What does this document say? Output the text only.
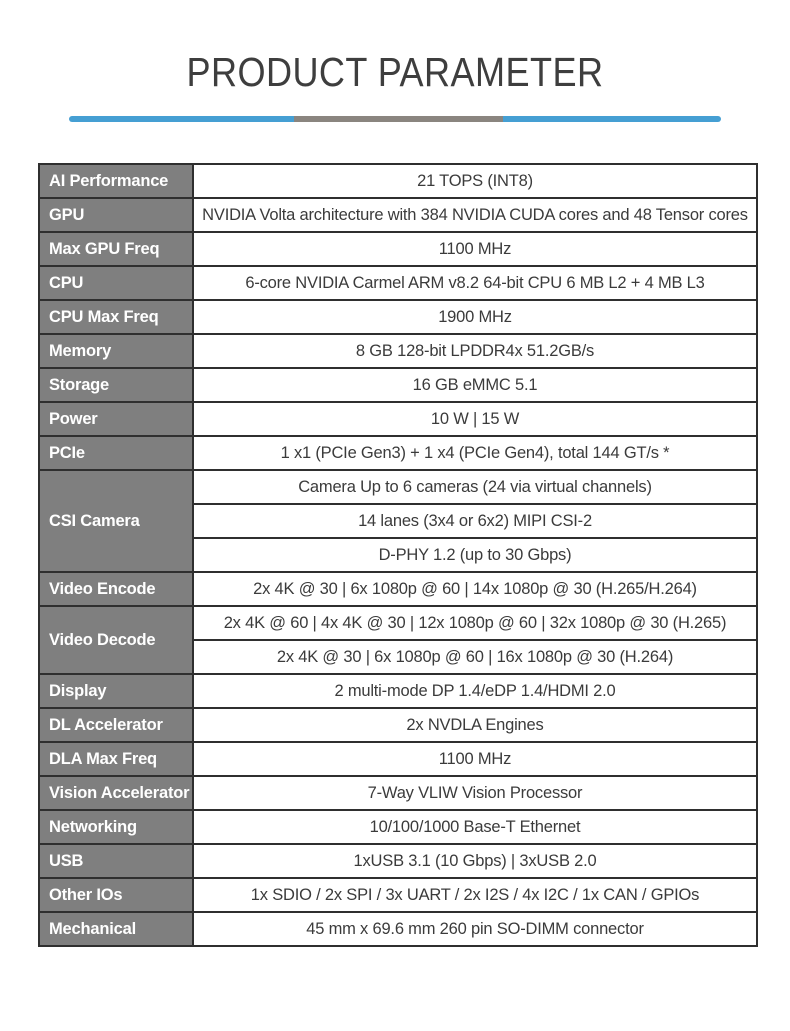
PRODUCT PARAMETER
AI Performance	21 TOPS (INT8)
GPU	NVIDIA Volta architecture with 384 NVIDIA CUDA cores and 48 Tensor cores
Max GPU Freq	1100 MHz
CPU	6-core NVIDIA Carmel ARM v8.2 64-bit CPU 6 MB L2 + 4 MB L3
CPU Max Freq	1900 MHz
Memory	8 GB 128-bit LPDDR4x 51.2GB/s
Storage	16 GB eMMC 5.1
Power	10 W | 15 W
PCIe	1 x1 (PCIe Gen3) + 1 x4 (PCIe Gen4), total 144 GT/s *
CSI Camera	Camera Up to 6 cameras (24 via virtual channels)
	14 lanes (3x4 or 6x2) MIPI CSI-2
	D-PHY 1.2 (up to 30 Gbps)
Video Encode	2x 4K @ 30 | 6x 1080p @ 60 | 14x 1080p @ 30 (H.265/H.264)
Video Decode	2x 4K @ 60 | 4x 4K @ 30 | 12x 1080p @ 60 | 32x 1080p @ 30 (H.265)
	2x 4K @ 30 | 6x 1080p @ 60 | 16x 1080p @ 30 (H.264)
Display	2 multi-mode DP 1.4/eDP 1.4/HDMI 2.0
DL Accelerator	2x NVDLA Engines
DLA Max Freq	1100 MHz
Vision Accelerator	7-Way VLIW Vision Processor
Networking	10/100/1000 Base-T Ethernet
USB	1xUSB 3.1 (10 Gbps) | 3xUSB 2.0
Other IOs	1x SDIO / 2x SPI / 3x UART / 2x I2S / 4x I2C / 1x CAN / GPIOs
Mechanical	45 mm x 69.6 mm 260 pin SO-DIMM connector
